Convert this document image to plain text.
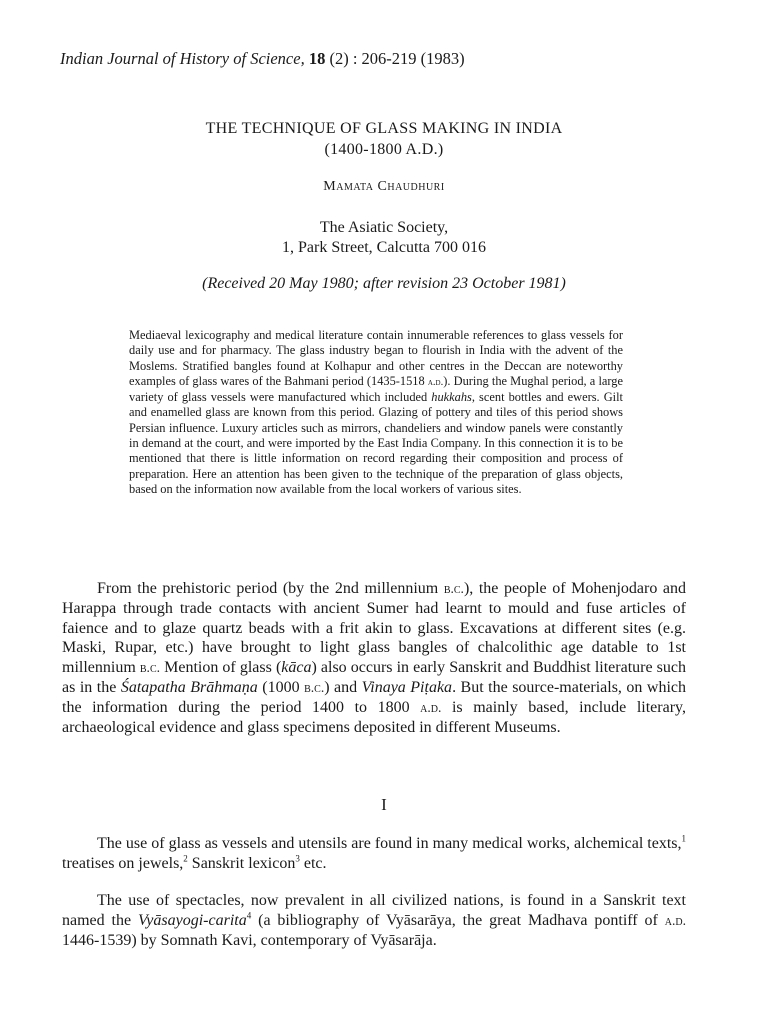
Indian Journal of History of Science, 18 (2) : 206-219 (1983)
THE TECHNIQUE OF GLASS MAKING IN INDIA
(1400-1800 A.D.)
Mamata Chaudhuri
The Asiatic Society,
1, Park Street, Calcutta 700 016
(Received 20 May 1980; after revision 23 October 1981)

Mediaeval lexicography and medical literature contain innumerable references to glass vessels for daily use and for pharmacy. The glass industry began to flourish in India with the advent of the Moslems. Stratified bangles found at Kolhapur and other centres in the Deccan are noteworthy examples of glass wares of the Bahmani period (1435-1518 a.d.). During the Mughal period, a large variety of glass vessels were manufactured which included hukkahs, scent bottles and ewers. Gilt and enamelled glass are known from this period. Glazing of pottery and tiles of this period shows Persian influence. Luxury articles such as mirrors, chandeliers and window panels were constantly in demand at the court, and were imported by the East India Company. In this connection it is to be mentioned that there is little information on record regarding their composition and process of preparation. Here an attention has been given to the technique of the preparation of glass objects, based on the information now available from the local workers of various sites.

From the prehistoric period (by the 2nd millennium b.c.), the people of Mohenjodaro and Harappa through trade contacts with ancient Sumer had learnt to mould and fuse articles of faience and to glaze quartz beads with a frit akin to glass. Excavations at different sites (e.g. Maski, Rupar, etc.) have brought to light glass bangles of chalcolithic age datable to 1st millennium b.c. Mention of glass (kāca) also occurs in early Sanskrit and Buddhist literature such as in the Śatapatha Brāhmaṇa (1000 b.c.) and Vinaya Piṭaka. But the source-materials, on which the information during the period 1400 to 1800 a.d. is mainly based, include literary, archaeological evidence and glass specimens deposited in different Museums.

I

The use of glass as vessels and utensils are found in many medical works, alchemical texts,$^1$ treatises on jewels,$^2$ Sanskrit lexicon$^3$ etc.

The use of spectacles, now prevalent in all civilized nations, is found in a Sanskrit text named the Vyāsayogi-carita$^4$ (a bibliography of Vyāsarāya, the great Madhava pontiff of a.d. 1446-1539) by Somnath Kavi, contemporary of Vyāsarāja.
